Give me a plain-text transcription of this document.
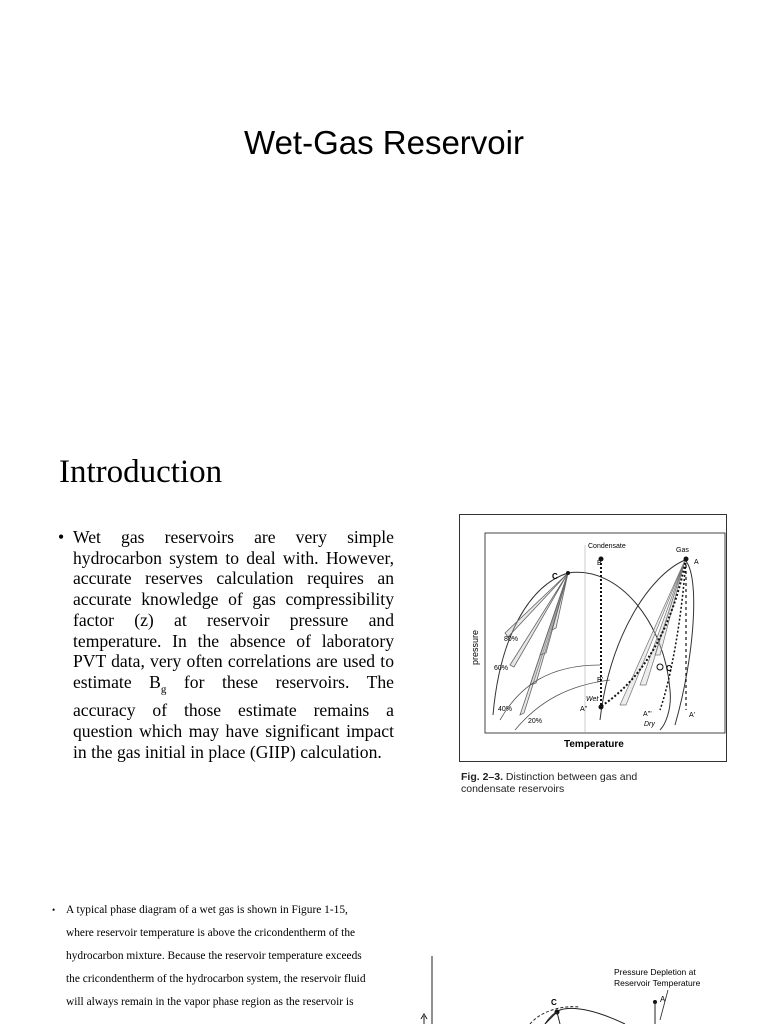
Wet-Gas Reservoir
Introduction
• Wet gas reservoirs are very simple hydrocarbon system to deal with. However, accurate reserves calculation requires an accurate knowledge of gas compressibility factor (z) at reservoir pressure and temperature. In the absence of laboratory PVT data, very often correlations are used to estimate $B_g$ for these reservoirs. The accuracy of those estimate remains a question which may have significant impact in the gas initial in place (GIIP) calculation.
Condensate
Gas
A
B
C
C
B'
Wet
A''
A'''
Dry
A'
80%
60%
40%
20%
pressure
Temperature
Fig. 2–3. Distinction between gas and condensate reservoirs
• A typical phase diagram of a wet gas is shown in Figure 1-15, where reservoir temperature is above the cricondentherm of the hydrocarbon mixture. Because the reservoir temperature exceeds the cricondentherm of the hydrocarbon system, the reservoir fluid will always remain in the vapor phase region as the reservoir is	C	A
Pressure Depletion at
Reservoir Temperature
